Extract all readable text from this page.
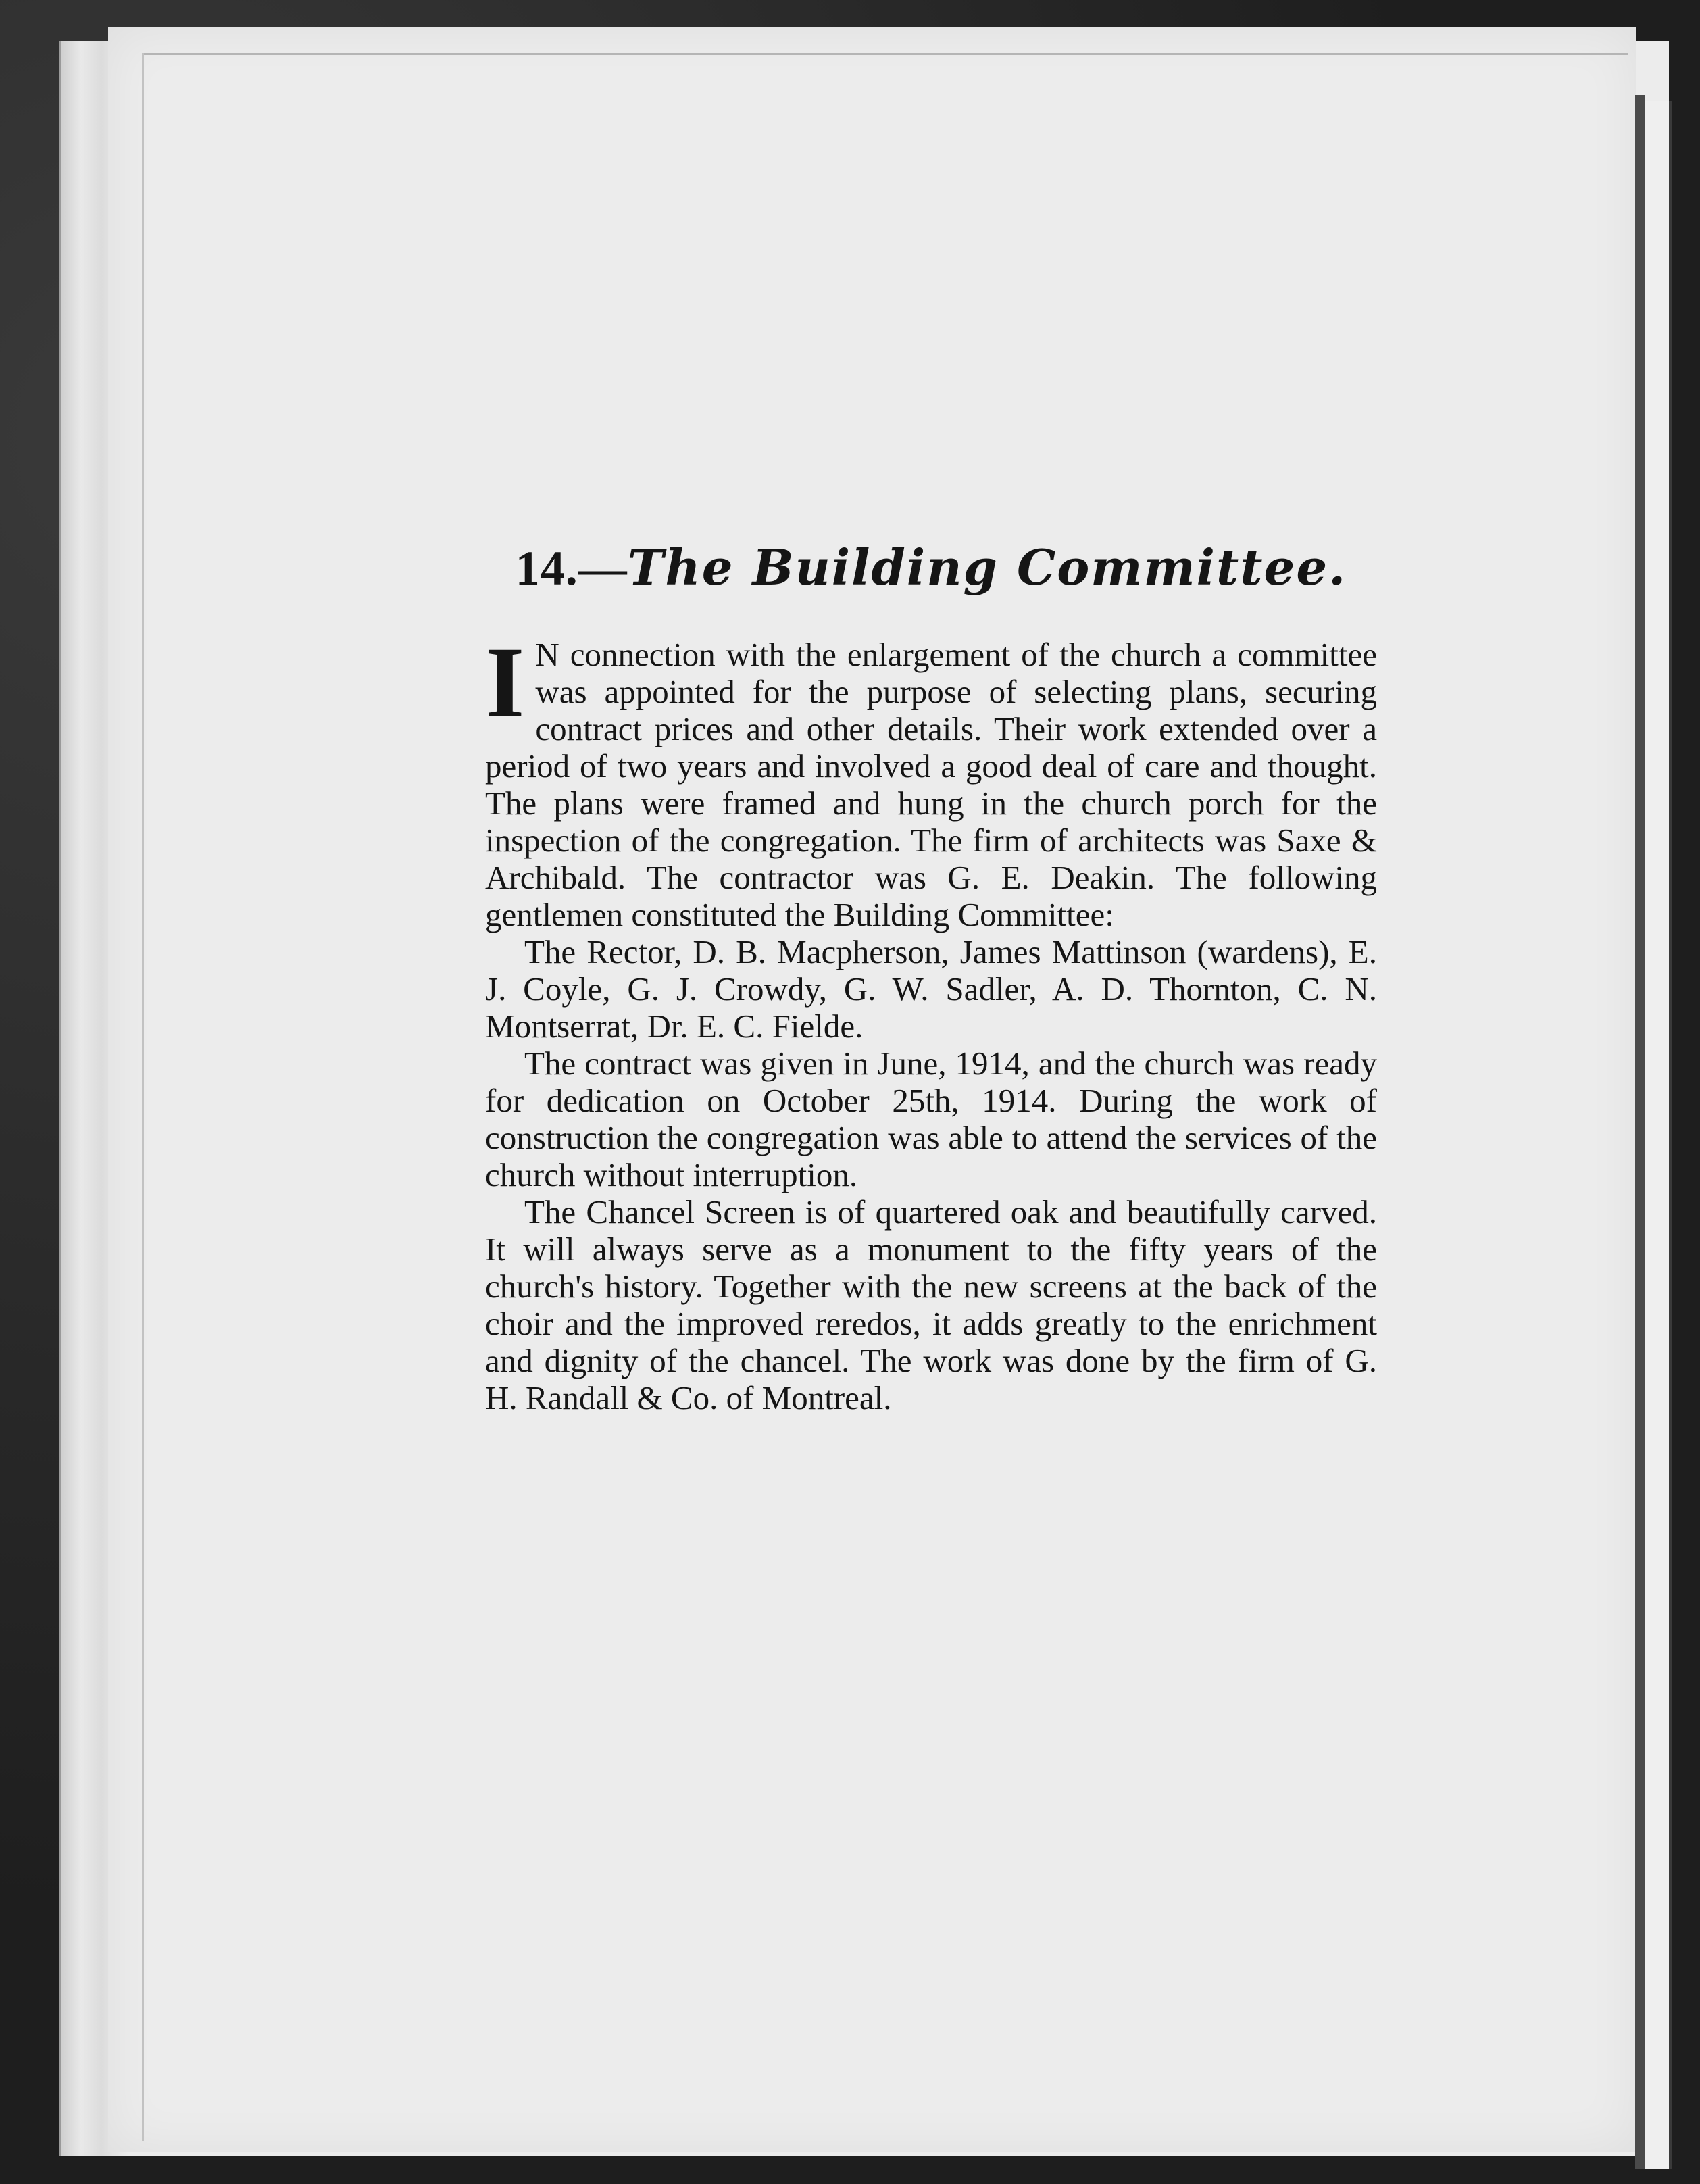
14.—The Building Committee.

I N connection with the enlargement of the church a committee was appointed for the purpose of selecting plans, securing contract prices and other details. Their work extended over a period of two years and involved a good deal of care and thought. The plans were framed and hung in the church porch for the inspection of the congregation. The firm of architects was Saxe & Archibald. The contractor was G. E. Deakin. The following gentlemen constituted the Building Committee:

The Rector, D. B. Macpherson, James Mattinson (wardens), E. J. Coyle, G. J. Crowdy, G. W. Sadler, A. D. Thornton, C. N. Montserrat, Dr. E. C. Fielde.

The contract was given in June, 1914, and the church was ready for dedication on October 25th, 1914. During the work of construction the congregation was able to attend the services of the church without interruption.

The Chancel Screen is of quartered oak and beautifully carved. It will always serve as a monument to the fifty years of the church's history. Together with the new screens at the back of the choir and the improved reredos, it adds greatly to the enrichment and dignity of the chancel. The work was done by the firm of G. H. Randall & Co. of Montreal.
